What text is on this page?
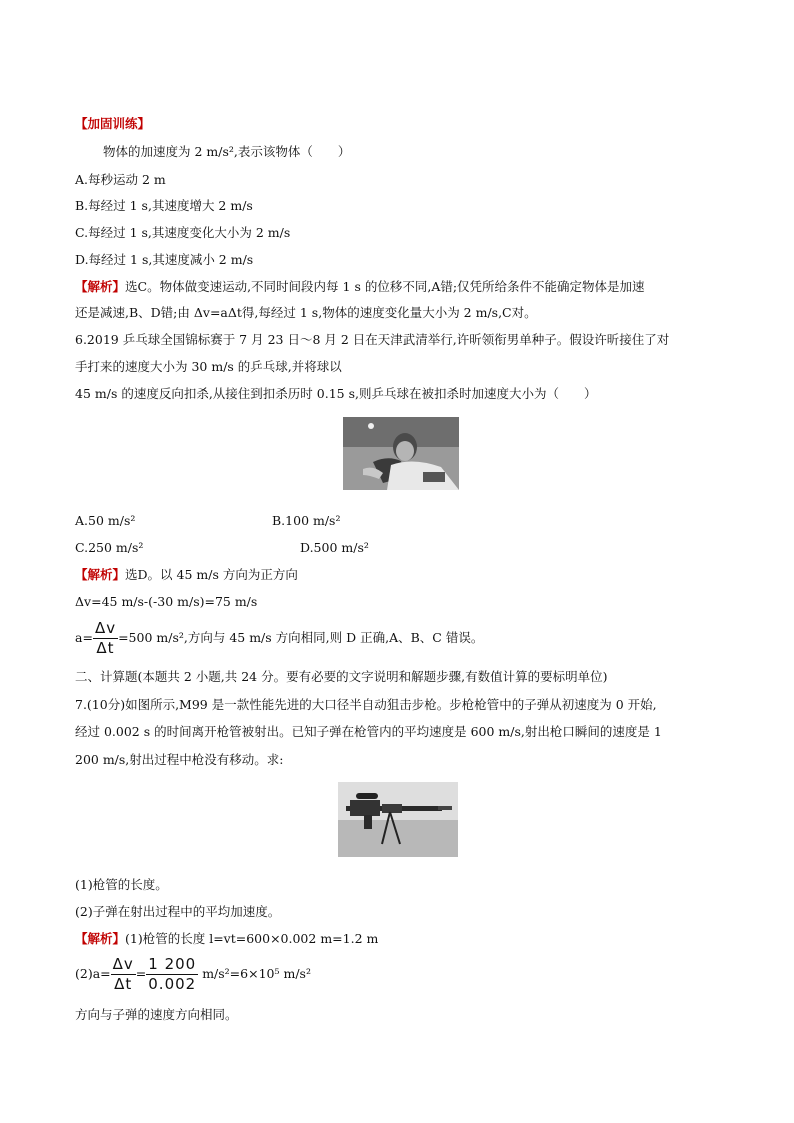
【加固训练】
物体的加速度为 2 m/s²,表示该物体（　　）
A.每秒运动 2 m
B.每经过 1 s,其速度增大 2 m/s
C.每经过 1 s,其速度变化大小为 2 m/s
D.每经过 1 s,其速度减小 2 m/s
【解析】选C。物体做变速运动,不同时间段内每 1 s 的位移不同,A错;仅凭所给条件不能确定物体是加速
还是减速,B、D错;由 Δv=aΔt得,每经过 1 s,物体的速度变化量大小为 2 m/s,C对。
6.2019 乒乓球全国锦标赛于 7 月 23 日～8 月 2 日在天津武清举行,许昕领衔男单种子。假设许昕接住了对
手打来的速度大小为 30 m/s 的乒乓球,并将球以
45 m/s 的速度反向扣杀,从接住到扣杀历时 0.15 s,则乒乓球在被扣杀时加速度大小为（　　）
A.50 m/s²	B.100 m/s²
C.250 m/s²	D.500 m/s²
【解析】选D。以 45 m/s 方向为正方向
Δv=45 m/s-(-30 m/s)=75 m/s
$a= \frac{\Delta v}{\Delta t} =500$ m/s²,方向与 45 m/s 方向相同,则 D 正确,A、B、C 错误。
二、计算题(本题共 2 小题,共 24 分。要有必要的文字说明和解题步骤,有数值计算的要标明单位)
7.(10分)如图所示,M99 是一款性能先进的大口径半自动狙击步枪。步枪枪管中的子弹从初速度为 0 开始,
经过 0.002 s 的时间离开枪管被射出。已知子弹在枪管内的平均速度是 600 m/s,射出枪口瞬间的速度是 1
200 m/s,射出过程中枪没有移动。求:
(1)枪管的长度。
(2)子弹在射出过程中的平均加速度。
【解析】(1)枪管的长度 l=vt=600×0.002 m=1.2 m
$(2)a= \frac{\Delta v}{\Delta t} = \frac{1 200}{0.002} m/s^2=6\times 10^5$ m/s²
方向与子弹的速度方向相同。
